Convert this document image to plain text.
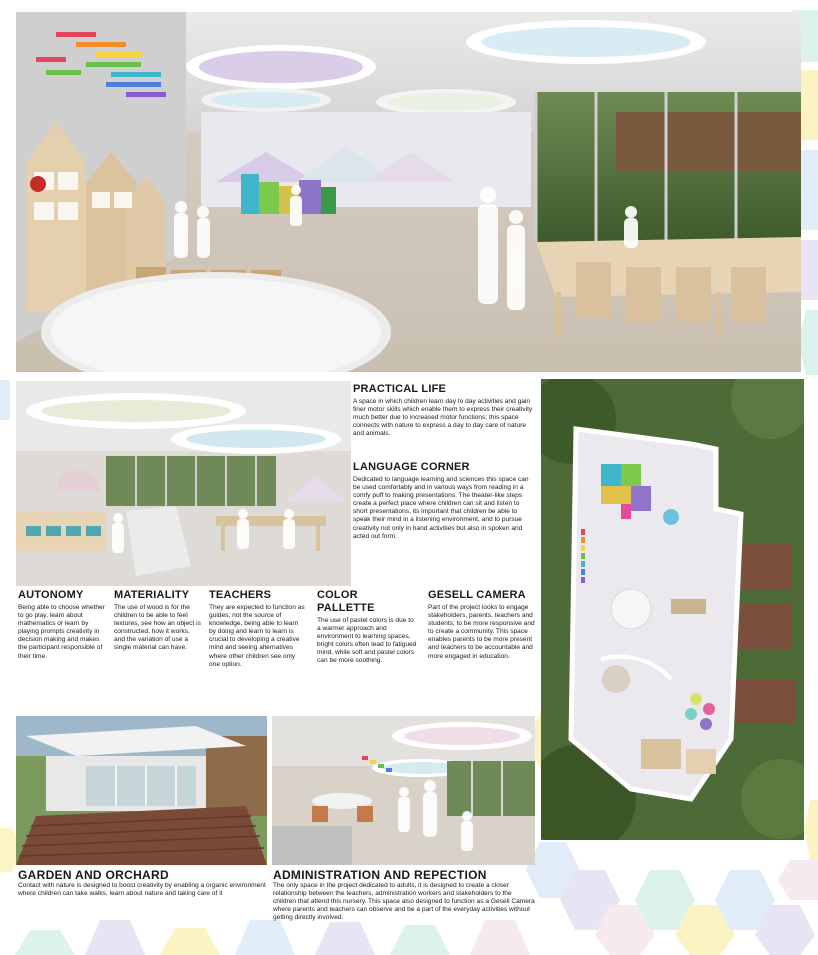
PRACTICAL LIFE

A space in which children learn day to day activities and gain finer motor skills which enable them to express their creativity much better due to increased motor functions; this space connects with nature to express a day to day care of nature and animals.

LANGUAGE CORNER

Dedicated to language learning and sciences this space can be used comfortably and in various ways from reading in a comfy puff to making presentations. The theater-like steps create a perfect place where children can sit and listen to short presentations, its important that children be able to speak their mind in a listening environment, and to pursue creativity not only in hand activities but also in spoken and acted out form.

AUTONOMY

Being able to choose whether to go play, learn about mathematics or learn by playing prompts creativity in decision making and makes the participant responsible of their time.

MATERIALITY

The use of wood is for the children to be able to feel textures, see how an object is constructed, how it works, and the variation of use a single material can have.

TEACHERS

They are expected to function as guides, not the source of knowledge, being able to learn by doing and learn to learn is crucial to developing a creative mind and seeing alternatives where other children see only one option.

COLOR PALLETTE

The use of pastel colors is due to a warmer approach and environment to learning spaces, bright colors often lead to fatigued mind, while soft and pastel colors can be more soothing.

GESELL CAMERA

Part of the project looks to engage stakeholders, parents, teachers and students; to be more responsive and to create a community. This space enables parents to be more present and teachers to be accountable and more engaged in education.

GARDEN AND ORCHARD

Contact with nature is designed to boost creativity by enabling a organic environment where children can take walks, learn about nature and taking care of it

ADMINISTRATION AND REPECTION

The only space in the project dedicated to adults, it is designed to create a closer relationship between the teachers, administration workers and stakeholders to the children that attend this nursery. This space also designed to function as a Gesell Camera where parents and teachers can observe and be a part of the everyday activities without getting directly involved.
